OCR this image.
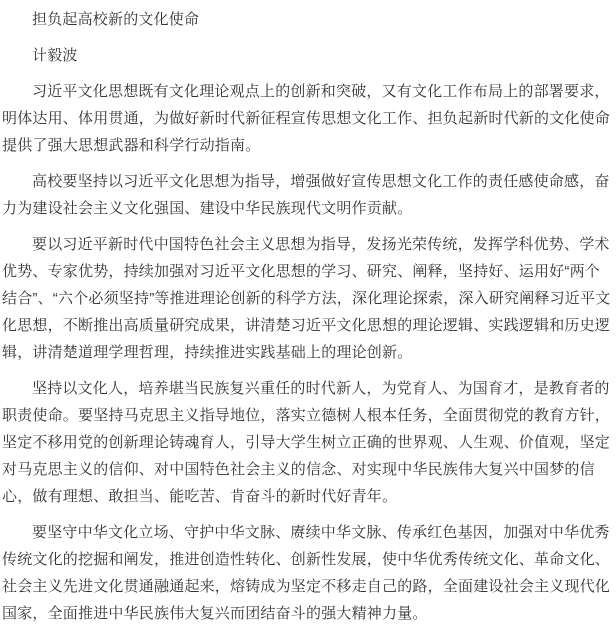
担负起高校新的文化使命

计毅波

习近平文化思想既有文化理论观点上的创新和突破，又有文化工作布局上的部署要求，明体达用、体用贯通，为做好新时代新征程宣传思想文化工作、担负起新时代新的文化使命提供了强大思想武器和科学行动指南。

高校要坚持以习近平文化思想为指导，增强做好宣传思想文化工作的责任感使命感，奋力为建设社会主义文化强国、建设中华民族现代文明作贡献。

要以习近平新时代中国特色社会主义思想为指导，发扬光荣传统，发挥学科优势、学术优势、专家优势，持续加强对习近平文化思想的学习、研究、阐释，坚持好、运用好“两个结合”、“六个必须坚持”等推进理论创新的科学方法，深化理论探索，深入研究阐释习近平文化思想，不断推出高质量研究成果，讲清楚习近平文化思想的理论逻辑、实践逻辑和历史逻辑，讲清楚道理学理哲理，持续推进实践基础上的理论创新。

坚持以文化人，培养堪当民族复兴重任的时代新人，为党育人、为国育才，是教育者的职责使命。要坚持马克思主义指导地位，落实立德树人根本任务，全面贯彻党的教育方针，坚定不移用党的创新理论铸魂育人，引导大学生树立正确的世界观、人生观、价值观，坚定对马克思主义的信仰、对中国特色社会主义的信念、对实现中华民族伟大复兴中国梦的信心，做有理想、敢担当、能吃苦、肯奋斗的新时代好青年。

要坚守中华文化立场、守护中华文脉、赓续中华文脉、传承红色基因，加强对中华优秀传统文化的挖掘和阐发，推进创造性转化、创新性发展，使中华优秀传统文化、革命文化、社会主义先进文化贯通融通起来，熔铸成为坚定不移走自己的路，全面建设社会主义现代化国家，全面推进中华民族伟大复兴而团结奋斗的强大精神力量。
